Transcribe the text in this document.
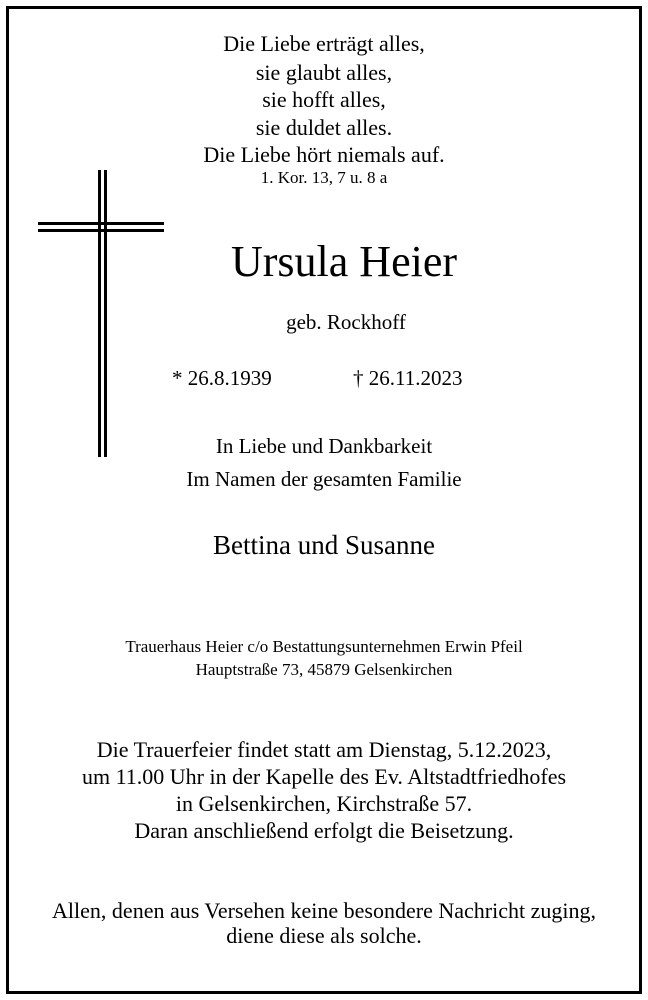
Die Liebe erträgt alles,
sie glaubt alles,
sie hofft alles,
sie duldet alles.
Die Liebe hört niemals auf.
1. Kor. 13, 7 u. 8 a
Ursula Heier
geb. Rockhoff
* 26.8.1939	† 26.11.2023
In Liebe und Dankbarkeit
Im Namen der gesamten Familie
Bettina und Susanne
Trauerhaus Heier c/o Bestattungsunternehmen Erwin Pfeil
Hauptstraße 73, 45879 Gelsenkirchen
Die Trauerfeier findet statt am Dienstag, 5.12.2023,
um 11.00 Uhr in der Kapelle des Ev. Altstadtfriedhofes
in Gelsenkirchen, Kirchstraße 57.
Daran anschließend erfolgt die Beisetzung.
Allen, denen aus Versehen keine besondere Nachricht zuging,
diene diese als solche.
